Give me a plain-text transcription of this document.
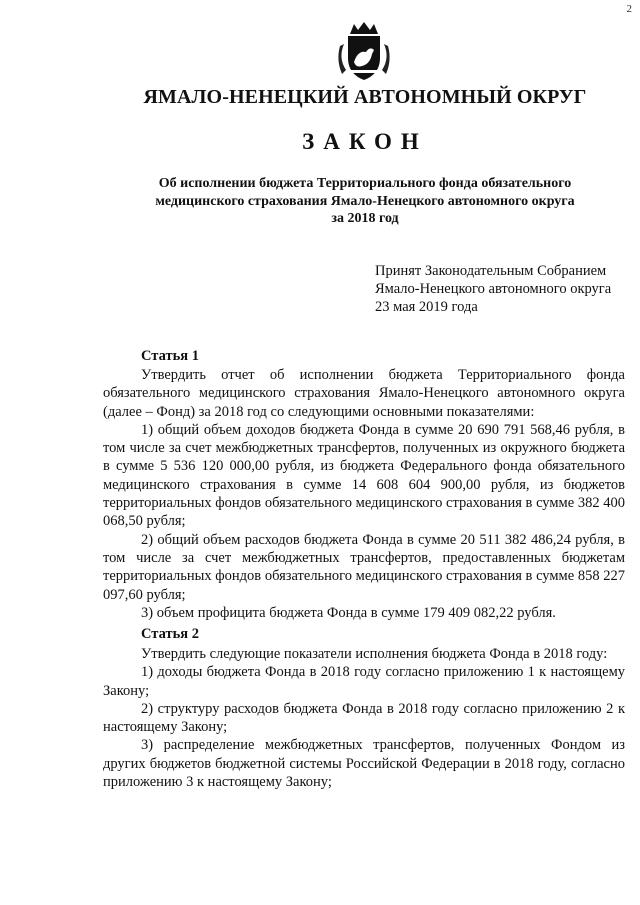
2
ЯМАЛО-НЕНЕЦКИЙ АВТОНОМНЫЙ ОКРУГ
ЗАКОН
Об исполнении бюджета Территориального фонда обязательного
медицинского страхования Ямало-Ненецкого автономного округа
за 2018 год
Принят Законодательным Собранием
Ямало-Ненецкого автономного округа
23 мая 2019 года
Статья 1

Утвердить отчет об исполнении бюджета Территориального фонда обязательного медицинского страхования Ямало-Ненецкого автономного округа (далее – Фонд) за 2018 год со следующими основными показателями:

1) общий объем доходов бюджета Фонда в сумме 20 690 791 568,46 рубля, в том числе за счет межбюджетных трансфертов, полученных из окружного бюджета в сумме 5 536 120 000,00 рубля, из бюджета Федерального фонда обязательного медицинского страхования в сумме 14 608 604 900,00 рубля, из бюджетов территориальных фондов обязательного медицинского страхования в сумме 382 400 068,50 рубля;

2) общий объем расходов бюджета Фонда в сумме 20 511 382 486,24 рубля, в том числе за счет межбюджетных трансфертов, предоставленных бюджетам территориальных фондов обязательного медицинского страхования в сумме 858 227 097,60 рубля;

3) объем профицита бюджета Фонда в сумме 179 409 082,22 рубля.

Статья 2

Утвердить следующие показатели исполнения бюджета Фонда в 2018 году:

1) доходы бюджета Фонда в 2018 году согласно приложению 1 к настоящему Закону;

2) структуру расходов бюджета Фонда в 2018 году согласно приложению 2 к настоящему Закону;

3) распределение межбюджетных трансфертов, полученных Фондом из других бюджетов бюджетной системы Российской Федерации в 2018 году, согласно приложению 3 к настоящему Закону;
